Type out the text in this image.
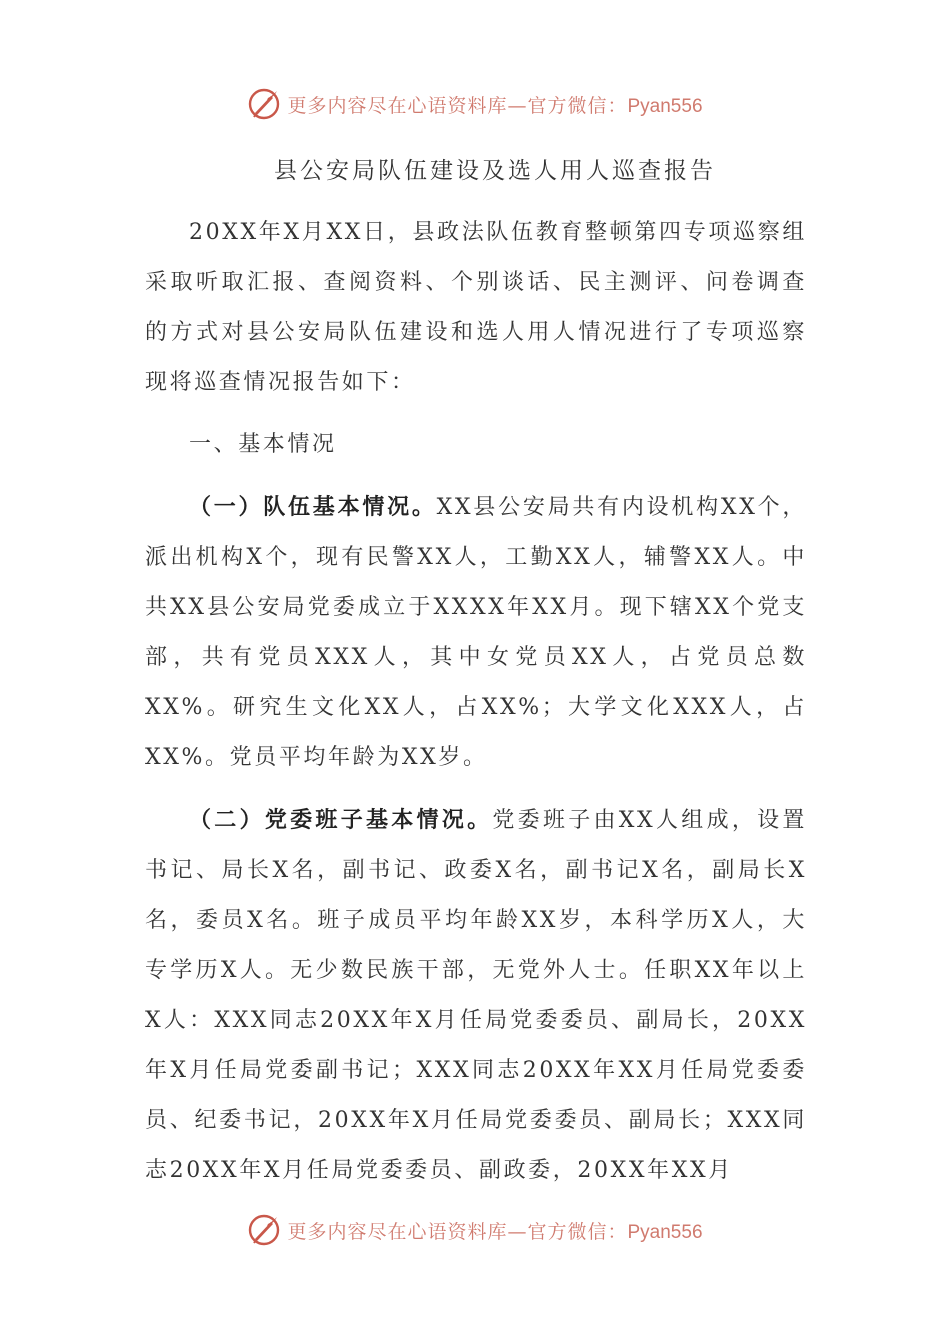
更多内容尽在心语资料库—官方微信：Pyan556
县公安局队伍建设及选人用人巡查报告

20XX年X月XX日，县政法队伍教育整顿第四专项巡察组采取听取汇报、查阅资料、个别谈话、民主测评、问卷调查的方式对县公安局队伍建设和选人用人情况进行了专项巡察现将巡查情况报告如下：

一、基本情况

（一）队伍基本情况。XX县公安局共有内设机构XX个，派出机构X个，现有民警XX人，工勤XX人，辅警XX人。中共XX县公安局党委成立于XXXX年XX月。现下辖XX个党支部，共有党员XXX人，其中女党员XX人，占党员总数XX%。研究生文化XX人，占XX%；大学文化XXX人，占XX%。党员平均年龄为XX岁。

（二）党委班子基本情况。党委班子由XX人组成，设置书记、局长X名，副书记、政委X名，副书记X名，副局长X名，委员X名。班子成员平均年龄XX岁，本科学历X人，大专学历X人。无少数民族干部，无党外人士。任职XX年以上X人：XXX同志20XX年X月任局党委委员、副局长，20XX年X月任局党委副书记；XXX同志20XX年XX月任局党委委员、纪委书记，20XX年X月任局党委委员、副局长；XXX同志20XX年X月任局党委委员、副政委，20XX年XX月

更多内容尽在心语资料库—官方微信：Pyan556
